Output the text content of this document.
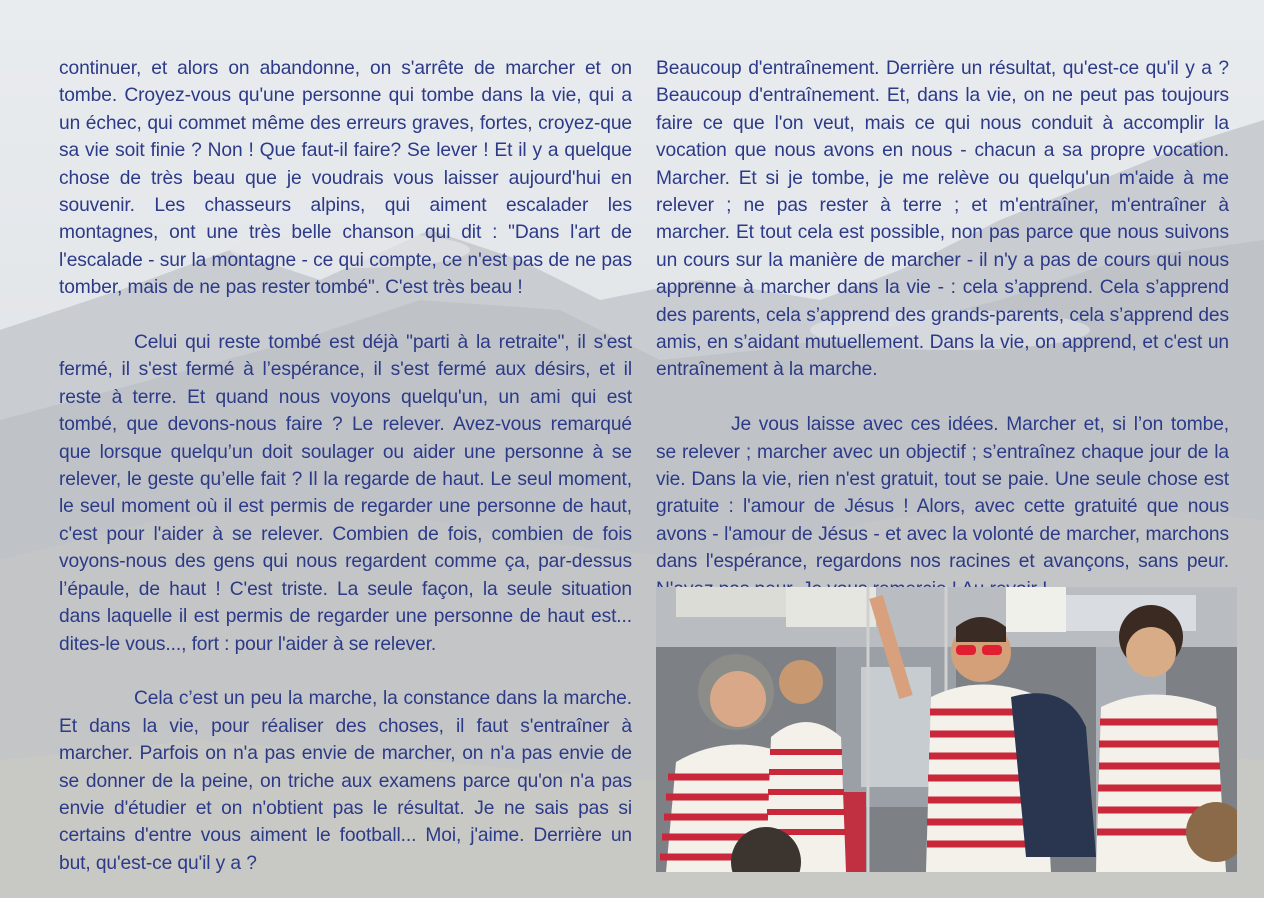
continuer, et alors on abandonne, on s'arrête de marcher et on tombe. Croyez-vous qu'une personne qui tombe dans la vie, qui a un échec, qui commet même des erreurs graves, fortes, croyez-que sa vie soit finie ? Non ! Que faut-il faire? Se lever ! Et il y a quelque chose de très beau que je voudrais vous laisser aujourd'hui en souvenir. Les chasseurs alpins, qui aiment escalader les montagnes, ont une très belle chanson qui dit : "Dans l'art de l'escalade - sur la montagne - ce qui compte, ce n'est pas de ne pas tomber, mais de ne pas rester tombé". C'est très beau !

Celui qui reste tombé est déjà "parti à la retraite", il s'est fermé, il s'est fermé à l’espérance, il s'est fermé aux désirs, et il reste à terre. Et quand nous voyons quelqu'un, un ami qui est tombé, que devons-nous faire ? Le relever. Avez-vous remarqué que lorsque quelqu’un doit soulager ou aider une personne à se relever, le geste qu’elle fait ? Il la regarde de haut. Le seul moment, le seul moment où il est permis de regarder une personne de haut, c'est pour l'aider à se relever. Combien de fois, combien de fois voyons-nous des gens qui nous regardent comme ça, par-dessus l’épaule, de haut ! C'est triste. La seule façon, la seule situation dans laquelle il est permis de regarder une personne de haut est... dites-le vous..., fort : pour l'aider à se relever.

Cela c’est un peu la marche, la constance dans la marche. Et dans la vie, pour réaliser des choses, il faut s'entraîner à marcher. Parfois on n'a pas envie de marcher, on n'a pas envie de se donner de la peine, on triche aux examens parce qu'on n'a pas envie d'étudier et on n'obtient pas le résultat. Je ne sais pas si certains d'entre vous aiment le football... Moi, j'aime. Derrière un but, qu'est-ce qu'il y a ?

Beaucoup d'entraînement. Derrière un résultat, qu'est-ce qu'il y a ? Beaucoup d'entraînement. Et, dans la vie, on ne peut pas toujours faire ce que l'on veut, mais ce qui nous conduit à accomplir la vocation que nous avons en nous - chacun a sa propre vocation. Marcher. Et si je tombe, je me relève ou quelqu'un m'aide à me relever ; ne pas rester à terre ; et m'entraîner, m'entraîner à marcher. Et tout cela est possible, non pas parce que nous suivons un cours sur la manière de marcher - il n'y a pas de cours qui nous apprenne à marcher dans la vie - : cela s’apprend. Cela s’apprend des parents, cela s’apprend des grands-parents, cela s’apprend des amis, en s’aidant mutuellement. Dans la vie, on apprend, et c'est un entraînement à la marche.

Je vous laisse avec ces idées. Marcher et, si l’on tombe, se relever ; marcher avec un objectif ; s’entraînez chaque jour de la vie. Dans la vie, rien n'est gratuit, tout se paie. Une seule chose est gratuite : l'amour de Jésus ! Alors, avec cette gratuité que nous avons - l'amour de Jésus - et avec la volonté de marcher, marchons dans l'espérance, regardons nos racines et avançons, sans peur.
